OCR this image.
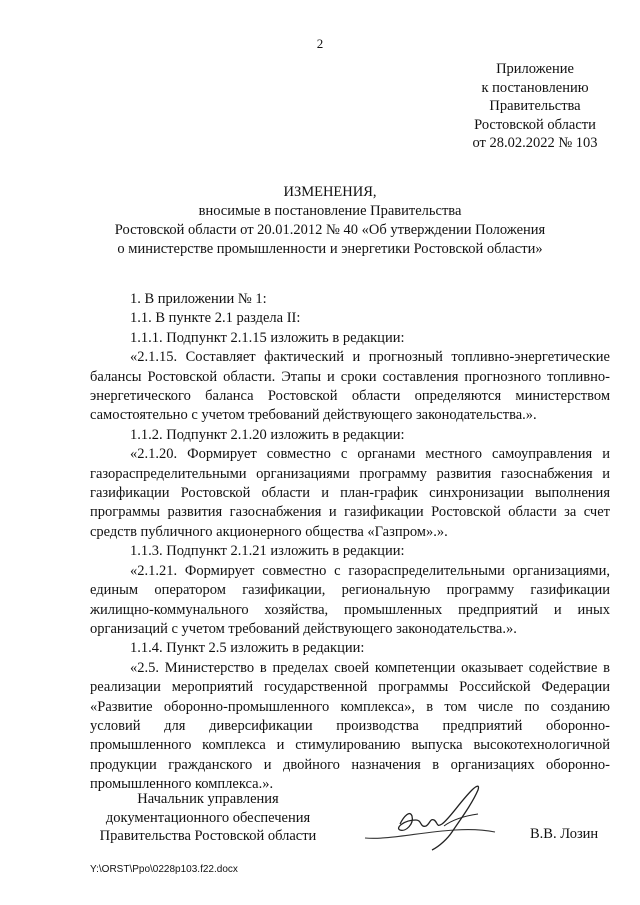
2
Приложение
к постановлению
Правительства
Ростовской области
от 28.02.2022 № 103
ИЗМЕНЕНИЯ,
вносимые в постановление Правительства
Ростовской области от 20.01.2012 № 40 «Об утверждении Положения
о министерстве промышленности и энергетики Ростовской области»

1. В приложении № 1:

1.1. В пункте 2.1 раздела II:

1.1.1. Подпункт 2.1.15 изложить в редакции:

«2.1.15. Составляет фактический и прогнозный топливно-энергетические балансы Ростовской области. Этапы и сроки составления прогнозного топливно-энергетического баланса Ростовской области определяются министерством самостоятельно с учетом требований действующего законодательства.».

1.1.2. Подпункт 2.1.20 изложить в редакции:

«2.1.20. Формирует совместно с органами местного самоуправления и газораспределительными организациями программу развития газоснабжения и газификации Ростовской области и план-график синхронизации выполнения программы развития газоснабжения и газификации Ростовской области за счет средств публичного акционерного общества «Газпром».».

1.1.3. Подпункт 2.1.21 изложить в редакции:

«2.1.21. Формирует совместно с газораспределительными организациями, единым оператором газификации, региональную программу газификации жилищно-коммунального хозяйства, промышленных предприятий и иных организаций с учетом требований действующего законодательства.».

1.1.4. Пункт 2.5 изложить в редакции:

«2.5. Министерство в пределах своей компетенции оказывает содействие в реализации мероприятий государственной программы Российской Федерации «Развитие оборонно-промышленного комплекса», в том числе по созданию условий для диверсификации производства предприятий оборонно-промышленного комплекса и стимулированию выпуска высокотехнологичной продукции гражданского и двойного назначения в организациях оборонно-промышленного комплекса.».

Начальник управления
документационного обеспечения
Правительства Ростовской области	В.В. Лозин
Y:\ORST\Ppo\0228p103.f22.docx
